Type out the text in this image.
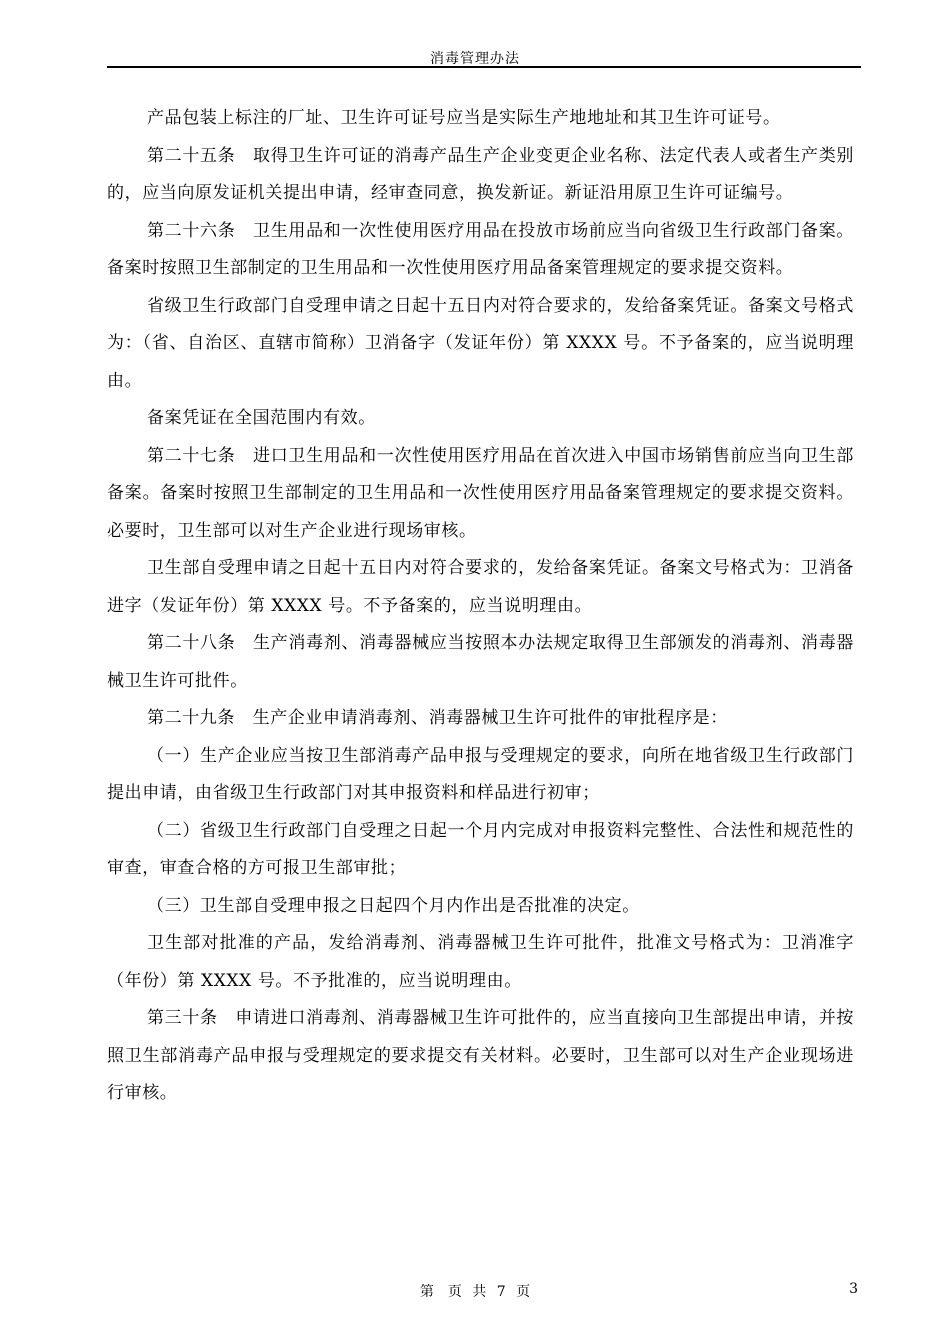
消毒管理办法

产品包装上标注的厂址、卫生许可证号应当是实际生产地地址和其卫生许可证号。

第二十五条　取得卫生许可证的消毒产品生产企业变更企业名称、法定代表人或者生产类别的，应当向原发证机关提出申请，经审查同意，换发新证。新证沿用原卫生许可证编号。

第二十六条　卫生用品和一次性使用医疗用品在投放市场前应当向省级卫生行政部门备案。备案时按照卫生部制定的卫生用品和一次性使用医疗用品备案管理规定的要求提交资料。

省级卫生行政部门自受理申请之日起十五日内对符合要求的，发给备案凭证。备案文号格式为：（省、自治区、直辖市简称）卫消备字（发证年份）第 XXXX 号。不予备案的，应当说明理由。

备案凭证在全国范围内有效。

第二十七条　进口卫生用品和一次性使用医疗用品在首次进入中国市场销售前应当向卫生部备案。备案时按照卫生部制定的卫生用品和一次性使用医疗用品备案管理规定的要求提交资料。必要时，卫生部可以对生产企业进行现场审核。

卫生部自受理申请之日起十五日内对符合要求的，发给备案凭证。备案文号格式为：卫消备进字（发证年份）第 XXXX 号。不予备案的，应当说明理由。

第二十八条　生产消毒剂、消毒器械应当按照本办法规定取得卫生部颁发的消毒剂、消毒器械卫生许可批件。

第二十九条　生产企业申请消毒剂、消毒器械卫生许可批件的审批程序是：

（一）生产企业应当按卫生部消毒产品申报与受理规定的要求，向所在地省级卫生行政部门提出申请，由省级卫生行政部门对其申报资料和样品进行初审；

（二）省级卫生行政部门自受理之日起一个月内完成对申报资料完整性、合法性和规范性的审查，审查合格的方可报卫生部审批；

（三）卫生部自受理申报之日起四个月内作出是否批准的决定。

卫生部对批准的产品，发给消毒剂、消毒器械卫生许可批件，批准文号格式为：卫消准字（年份）第 XXXX 号。不予批准的，应当说明理由。

第三十条　申请进口消毒剂、消毒器械卫生许可批件的，应当直接向卫生部提出申请，并按照卫生部消毒产品申报与受理规定的要求提交有关材料。必要时，卫生部可以对生产企业现场进行审核。

第　页 共 7 页	3
